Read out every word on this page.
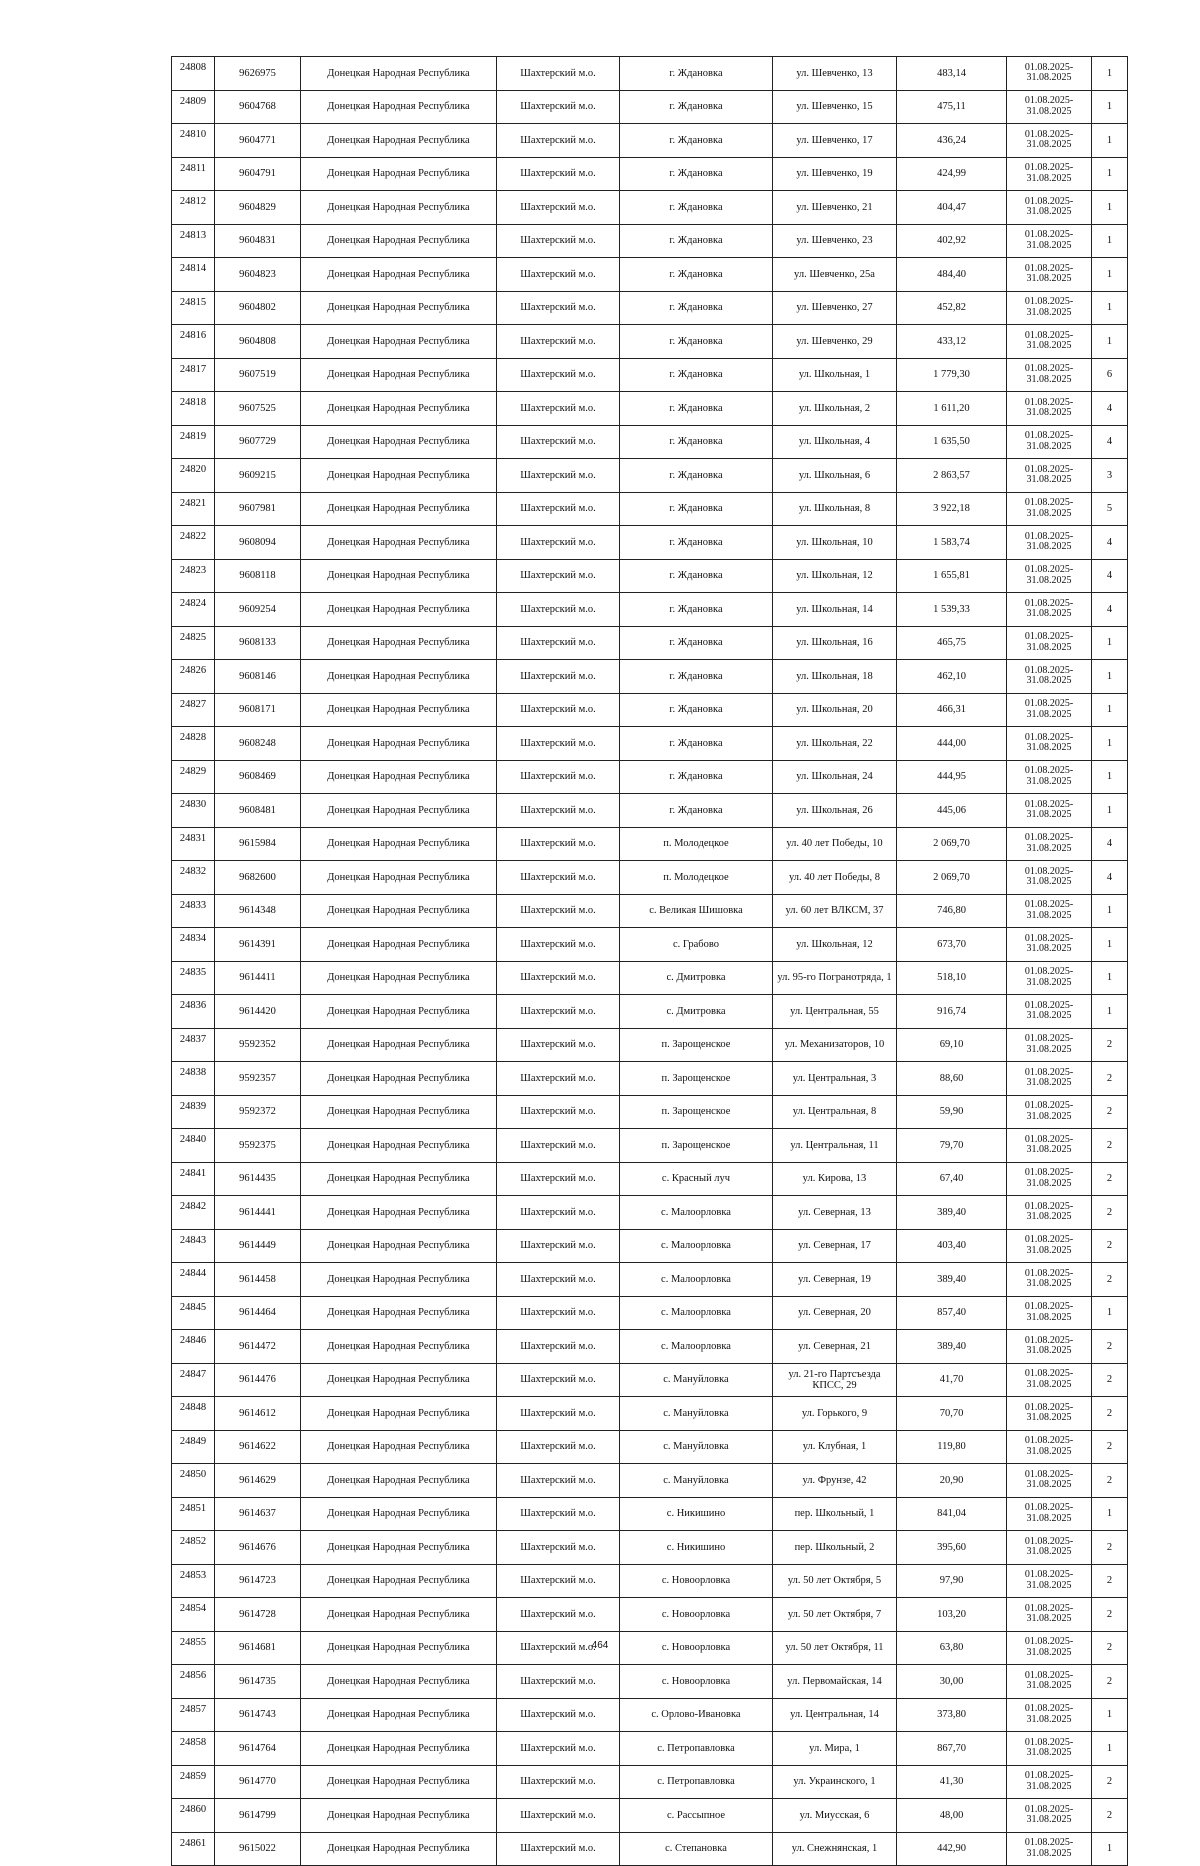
24808	9626975	Донецкая Народная Республика	Шахтерский м.о.	г. Ждановка	ул. Шевченко, 13	483,14	01.08.2025- 31.08.2025	1
24809	9604768	Донецкая Народная Республика	Шахтерский м.о.	г. Ждановка	ул. Шевченко, 15	475,11	01.08.2025- 31.08.2025	1
24810	9604771	Донецкая Народная Республика	Шахтерский м.о.	г. Ждановка	ул. Шевченко, 17	436,24	01.08.2025- 31.08.2025	1
24811	9604791	Донецкая Народная Республика	Шахтерский м.о.	г. Ждановка	ул. Шевченко, 19	424,99	01.08.2025- 31.08.2025	1
24812	9604829	Донецкая Народная Республика	Шахтерский м.о.	г. Ждановка	ул. Шевченко, 21	404,47	01.08.2025- 31.08.2025	1
24813	9604831	Донецкая Народная Республика	Шахтерский м.о.	г. Ждановка	ул. Шевченко, 23	402,92	01.08.2025- 31.08.2025	1
24814	9604823	Донецкая Народная Республика	Шахтерский м.о.	г. Ждановка	ул. Шевченко, 25а	484,40	01.08.2025- 31.08.2025	1
24815	9604802	Донецкая Народная Республика	Шахтерский м.о.	г. Ждановка	ул. Шевченко, 27	452,82	01.08.2025- 31.08.2025	1
24816	9604808	Донецкая Народная Республика	Шахтерский м.о.	г. Ждановка	ул. Шевченко, 29	433,12	01.08.2025- 31.08.2025	1
24817	9607519	Донецкая Народная Республика	Шахтерский м.о.	г. Ждановка	ул. Школьная, 1	1 779,30	01.08.2025- 31.08.2025	6
24818	9607525	Донецкая Народная Республика	Шахтерский м.о.	г. Ждановка	ул. Школьная, 2	1 611,20	01.08.2025- 31.08.2025	4
24819	9607729	Донецкая Народная Республика	Шахтерский м.о.	г. Ждановка	ул. Школьная, 4	1 635,50	01.08.2025- 31.08.2025	4
24820	9609215	Донецкая Народная Республика	Шахтерский м.о.	г. Ждановка	ул. Школьная, 6	2 863,57	01.08.2025- 31.08.2025	3
24821	9607981	Донецкая Народная Республика	Шахтерский м.о.	г. Ждановка	ул. Школьная, 8	3 922,18	01.08.2025- 31.08.2025	5
24822	9608094	Донецкая Народная Республика	Шахтерский м.о.	г. Ждановка	ул. Школьная, 10	1 583,74	01.08.2025- 31.08.2025	4
24823	9608118	Донецкая Народная Республика	Шахтерский м.о.	г. Ждановка	ул. Школьная, 12	1 655,81	01.08.2025- 31.08.2025	4
24824	9609254	Донецкая Народная Республика	Шахтерский м.о.	г. Ждановка	ул. Школьная, 14	1 539,33	01.08.2025- 31.08.2025	4
24825	9608133	Донецкая Народная Республика	Шахтерский м.о.	г. Ждановка	ул. Школьная, 16	465,75	01.08.2025- 31.08.2025	1
24826	9608146	Донецкая Народная Республика	Шахтерский м.о.	г. Ждановка	ул. Школьная, 18	462,10	01.08.2025- 31.08.2025	1
24827	9608171	Донецкая Народная Республика	Шахтерский м.о.	г. Ждановка	ул. Школьная, 20	466,31	01.08.2025- 31.08.2025	1
24828	9608248	Донецкая Народная Республика	Шахтерский м.о.	г. Ждановка	ул. Школьная, 22	444,00	01.08.2025- 31.08.2025	1
24829	9608469	Донецкая Народная Республика	Шахтерский м.о.	г. Ждановка	ул. Школьная, 24	444,95	01.08.2025- 31.08.2025	1
24830	9608481	Донецкая Народная Республика	Шахтерский м.о.	г. Ждановка	ул. Школьная, 26	445,06	01.08.2025- 31.08.2025	1
24831	9615984	Донецкая Народная Республика	Шахтерский м.о.	п. Молодецкое	ул. 40 лет Победы, 10	2 069,70	01.08.2025- 31.08.2025	4
24832	9682600	Донецкая Народная Республика	Шахтерский м.о.	п. Молодецкое	ул. 40 лет Победы, 8	2 069,70	01.08.2025- 31.08.2025	4
24833	9614348	Донецкая Народная Республика	Шахтерский м.о.	с. Великая Шишовка	ул. 60 лет ВЛКСМ, 37	746,80	01.08.2025- 31.08.2025	1
24834	9614391	Донецкая Народная Республика	Шахтерский м.о.	с. Грабово	ул. Школьная, 12	673,70	01.08.2025- 31.08.2025	1
24835	9614411	Донецкая Народная Республика	Шахтерский м.о.	с. Дмитровка	ул. 95-го Погранотряда, 1	518,10	01.08.2025- 31.08.2025	1
24836	9614420	Донецкая Народная Республика	Шахтерский м.о.	с. Дмитровка	ул. Центральная, 55	916,74	01.08.2025- 31.08.2025	1
24837	9592352	Донецкая Народная Республика	Шахтерский м.о.	п. Зарощенское	ул. Механизаторов, 10	69,10	01.08.2025- 31.08.2025	2
24838	9592357	Донецкая Народная Республика	Шахтерский м.о.	п. Зарощенское	ул. Центральная, 3	88,60	01.08.2025- 31.08.2025	2
24839	9592372	Донецкая Народная Республика	Шахтерский м.о.	п. Зарощенское	ул. Центральная, 8	59,90	01.08.2025- 31.08.2025	2
24840	9592375	Донецкая Народная Республика	Шахтерский м.о.	п. Зарощенское	ул. Центральная, 11	79,70	01.08.2025- 31.08.2025	2
24841	9614435	Донецкая Народная Республика	Шахтерский м.о.	с. Красный луч	ул. Кирова, 13	67,40	01.08.2025- 31.08.2025	2
24842	9614441	Донецкая Народная Республика	Шахтерский м.о.	с. Малоорловка	ул. Северная, 13	389,40	01.08.2025- 31.08.2025	2
24843	9614449	Донецкая Народная Республика	Шахтерский м.о.	с. Малоорловка	ул. Северная, 17	403,40	01.08.2025- 31.08.2025	2
24844	9614458	Донецкая Народная Республика	Шахтерский м.о.	с. Малоорловка	ул. Северная, 19	389,40	01.08.2025- 31.08.2025	2
24845	9614464	Донецкая Народная Республика	Шахтерский м.о.	с. Малоорловка	ул. Северная, 20	857,40	01.08.2025- 31.08.2025	1
24846	9614472	Донецкая Народная Республика	Шахтерский м.о.	с. Малоорловка	ул. Северная, 21	389,40	01.08.2025- 31.08.2025	2
24847	9614476	Донецкая Народная Республика	Шахтерский м.о.	с. Мануйловка	ул. 21-го Партсъезда КПСС, 29	41,70	01.08.2025- 31.08.2025	2
24848	9614612	Донецкая Народная Республика	Шахтерский м.о.	с. Мануйловка	ул. Горького, 9	70,70	01.08.2025- 31.08.2025	2
24849	9614622	Донецкая Народная Республика	Шахтерский м.о.	с. Мануйловка	ул. Клубная, 1	119,80	01.08.2025- 31.08.2025	2
24850	9614629	Донецкая Народная Республика	Шахтерский м.о.	с. Мануйловка	ул. Фрунзе, 42	20,90	01.08.2025- 31.08.2025	2
24851	9614637	Донецкая Народная Республика	Шахтерский м.о.	с. Никишино	пер. Школьный, 1	841,04	01.08.2025- 31.08.2025	1
24852	9614676	Донецкая Народная Республика	Шахтерский м.о.	с. Никишино	пер. Школьный, 2	395,60	01.08.2025- 31.08.2025	2
24853	9614723	Донецкая Народная Республика	Шахтерский м.о.	с. Новоорловка	ул. 50 лет Октября, 5	97,90	01.08.2025- 31.08.2025	2
24854	9614728	Донецкая Народная Республика	Шахтерский м.о.	с. Новоорловка	ул. 50 лет Октября, 7	103,20	01.08.2025- 31.08.2025	2
24855	9614681	Донецкая Народная Республика	Шахтерский м.о.	с. Новоорловка	ул. 50 лет Октября, 11	63,80	01.08.2025- 31.08.2025	2
24856	9614735	Донецкая Народная Республика	Шахтерский м.о.	с. Новоорловка	ул. Первомайская, 14	30,00	01.08.2025- 31.08.2025	2
24857	9614743	Донецкая Народная Республика	Шахтерский м.о.	с. Орлово-Ивановка	ул. Центральная, 14	373,80	01.08.2025- 31.08.2025	1
24858	9614764	Донецкая Народная Республика	Шахтерский м.о.	с. Петропавловка	ул. Мира, 1	867,70	01.08.2025- 31.08.2025	1
24859	9614770	Донецкая Народная Республика	Шахтерский м.о.	с. Петропавловка	ул. Украинского, 1	41,30	01.08.2025- 31.08.2025	2
24860	9614799	Донецкая Народная Республика	Шахтерский м.о.	с. Рассыпное	ул. Миусская, 6	48,00	01.08.2025- 31.08.2025	2
24861	9615022	Донецкая Народная Республика	Шахтерский м.о.	с. Степановка	ул. Снежнянская, 1	442,90	01.08.2025- 31.08.2025	1
464
